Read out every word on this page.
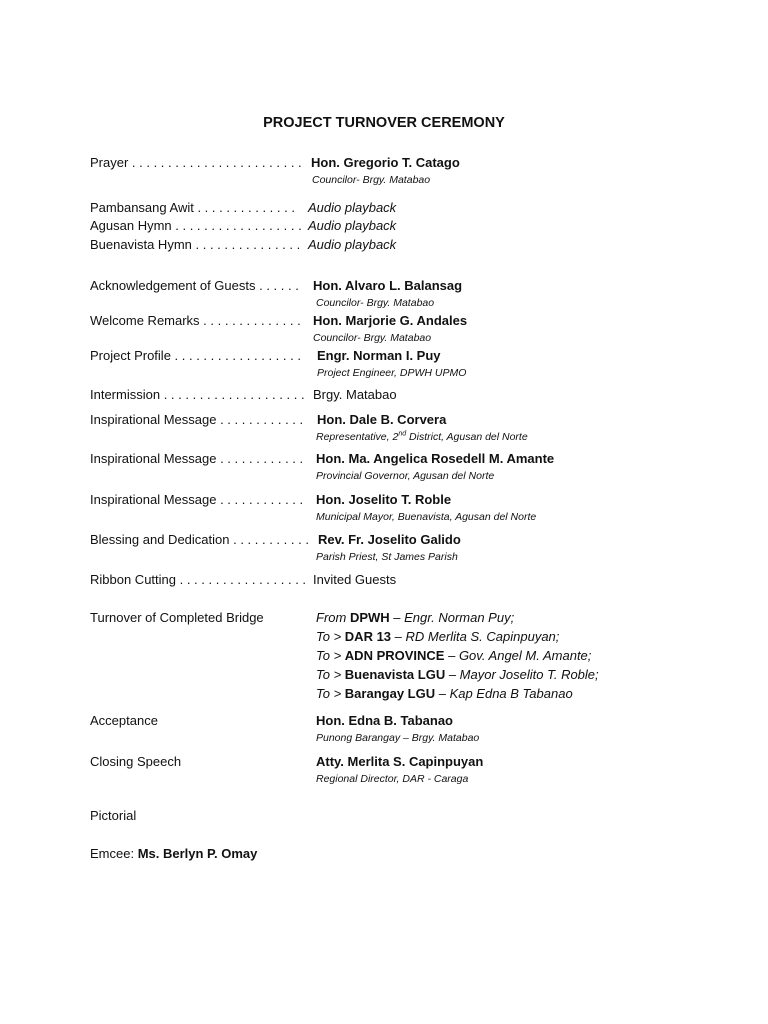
PROJECT TURNOVER CEREMONY
Prayer . . . . . . . . . . . . . . . . . . . . . . . . Hon. Gregorio T. Catago
Councilor- Brgy. Matabao
Pambansang Awit . . . . . . . . . . . . . . Audio playback
Agusan Hymn . . . . . . . . . . . . . . . . . . Audio playback
Buenavista Hymn . . . . . . . . . . . . . . . Audio playback
Acknowledgement of Guests . . . . . . Hon. Alvaro L. Balansag
Councilor- Brgy. Matabao
Welcome Remarks . . . . . . . . . . . . . . Hon. Marjorie G. Andales
Councilor- Brgy. Matabao
Project Profile . . . . . . . . . . . . . . . . . . Engr. Norman I. Puy
Project Engineer, DPWH UPMO
Intermission . . . . . . . . . . . . . . . . . . . . Brgy. Matabao
Inspirational Message . . . . . . . . . . . . Hon. Dale B. Corvera
Representative, 2nd District, Agusan del Norte
Inspirational Message . . . . . . . . . . . . Hon. Ma. Angelica Rosedell M. Amante
Provincial Governor, Agusan del Norte
Inspirational Message . . . . . . . . . . . . Hon. Joselito T. Roble
Municipal Mayor, Buenavista, Agusan del Norte
Blessing and Dedication . . . . . . . . . . . Rev. Fr. Joselito Galido
Parish Priest, St James Parish
Ribbon Cutting . . . . . . . . . . . . . . . . . . Invited Guests
Turnover of Completed Bridge	From DPWH – Engr. Norman Puy;
To > DAR 13 – RD Merlita S. Capinpuyan;
To > ADN PROVINCE – Gov. Angel M. Amante;
To > Buenavista LGU – Mayor Joselito T. Roble;
To > Barangay LGU – Kap Edna B Tabanao
Acceptance	Hon. Edna B. Tabanao
Punong Barangay – Brgy. Matabao
Closing Speech	Atty. Merlita S. Capinpuyan
Regional Director, DAR - Caraga
Pictorial
Emcee: Ms. Berlyn P. Omay
